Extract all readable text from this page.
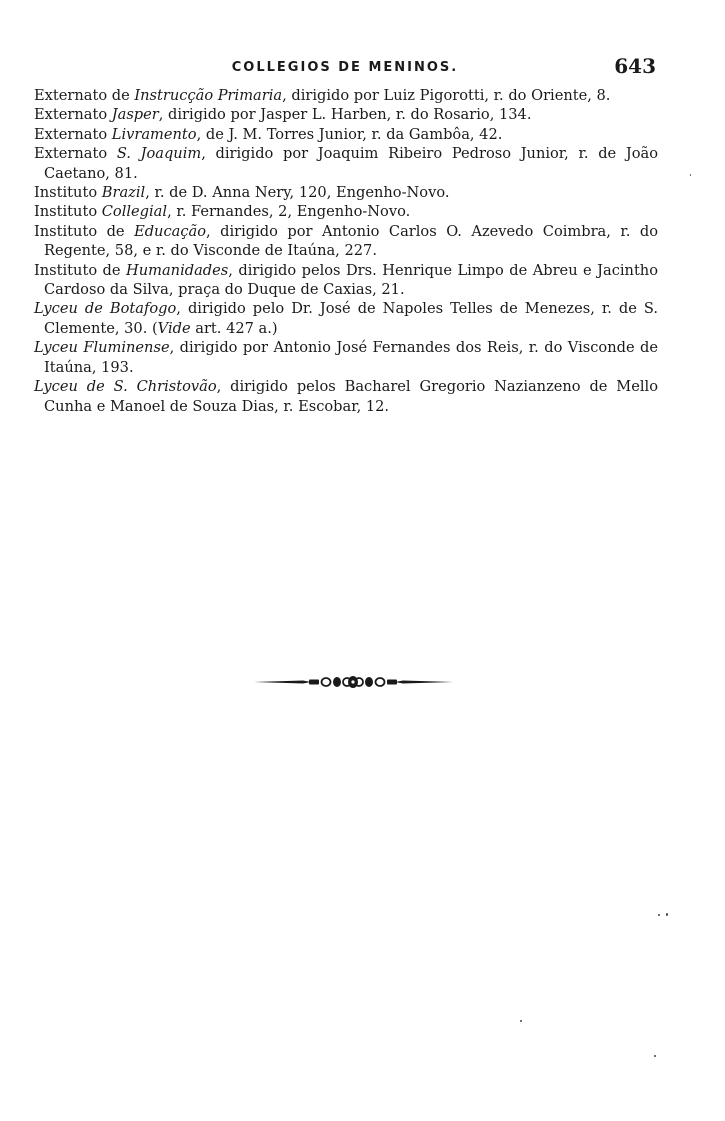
COLLEGIOS DE MENINOS.	643
Externato de Instrucção Primaria, dirigido por Luiz Pigorotti, r. do Oriente, 8.
Externato Jasper, dirigido por Jasper L. Harben, r. do Rosario, 134.
Externato Livramento, de J. M. Torres Junior, r. da Gambôa, 42.
Externato S. Joaquim, dirigido por Joaquim Ribeiro Pedroso Junior, r. de João Caetano, 81.
Instituto Brazil, r. de D. Anna Nery, 120, Engenho-Novo.
Instituto Collegial, r. Fernandes, 2, Engenho-Novo.
Instituto de Educação, dirigido por Antonio Carlos O. Azevedo Coimbra, r. do Regente, 58, e r. do Visconde de Itaúna, 227.
Instituto de Humanidades, dirigido pelos Drs. Henrique Limpo de Abreu e Jacintho Cardoso da Silva, praça do Duque de Caxias, 21.
Lyceu de Botafogo, dirigido pelo Dr. José de Napoles Telles de Menezes, r. de S. Clemente, 30. (Vide art. 427 a.)
Lyceu Fluminense, dirigido por Antonio José Fernandes dos Reis, r. do Visconde de Itaúna, 193.
Lyceu de S. Christovão, dirigido pelos Bacharel Gregorio Nazianzeno de Mello Cunha e Manoel de Souza Dias, r. Escobar, 12.
